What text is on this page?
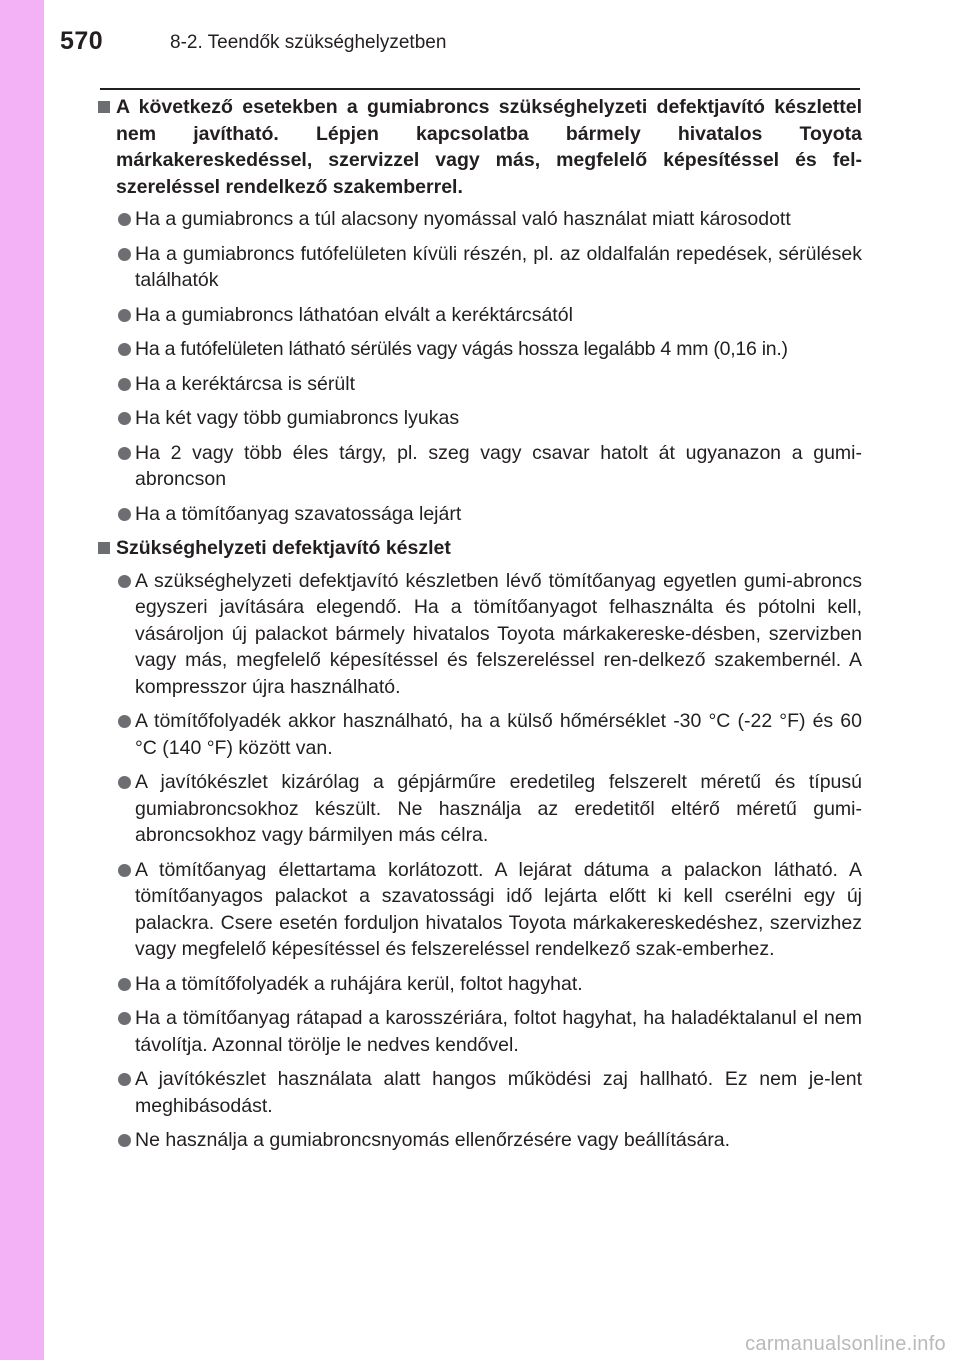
570	8-2. Teendők szükséghelyzetben
A következő esetekben a gumiabroncs szükséghelyzeti defektjavító készlettel nem javítható. Lépjen kapcsolatba bármely hivatalos Toyota márkakereskedéssel, szervizzel vagy más, megfelelő képesítéssel és fel-szereléssel rendelkező szakemberrel.
Ha a gumiabroncs a túl alacsony nyomással való használat miatt károsodott
Ha a gumiabroncs futófelületen kívüli részén, pl. az oldalfalán repedések, sérülések találhatók
Ha a gumiabroncs láthatóan elvált a keréktárcsától
Ha a futófelületen látható sérülés vagy vágás hossza legalább 4 mm (0,16 in.)
Ha a keréktárcsa is sérült
Ha két vagy több gumiabroncs lyukas
Ha 2 vagy több éles tárgy, pl. szeg vagy csavar hatolt át ugyanazon a gumi-abroncson
Ha a tömítőanyag szavatossága lejárt
Szükséghelyzeti defektjavító készlet
A szükséghelyzeti defektjavító készletben lévő tömítőanyag egyetlen gumi-abroncs egyszeri javítására elegendő. Ha a tömítőanyagot felhasználta és pótolni kell, vásároljon új palackot bármely hivatalos Toyota márkakereske-désben, szervizben vagy más, megfelelő képesítéssel és felszereléssel ren-delkező szakembernél. A kompresszor újra használható.
A tömítőfolyadék akkor használható, ha a külső hőmérséklet -30 °C (-22 °F) és 60 °C (140 °F) között van.
A javítókészlet kizárólag a gépjárműre eredetileg felszerelt méretű és típusú gumiabroncsokhoz készült. Ne használja az eredetitől eltérő méretű gumi-abroncsokhoz vagy bármilyen más célra.
A tömítőanyag élettartama korlátozott. A lejárat dátuma a palackon látható. A tömítőanyagos palackot a szavatossági idő lejárta előtt ki kell cserélni egy új palackra. Csere esetén forduljon hivatalos Toyota márkakereskedéshez, szervizhez vagy megfelelő képesítéssel és felszereléssel rendelkező szak-emberhez.
Ha a tömítőfolyadék a ruhájára kerül, foltot hagyhat.
Ha a tömítőanyag rátapad a karosszériára, foltot hagyhat, ha haladéktalanul el nem távolítja. Azonnal törölje le nedves kendővel.
A javítókészlet használata alatt hangos működési zaj hallható. Ez nem je-lent meghibásodást.
Ne használja a gumiabroncsnyomás ellenőrzésére vagy beállítására.
carmanualsonline.info
